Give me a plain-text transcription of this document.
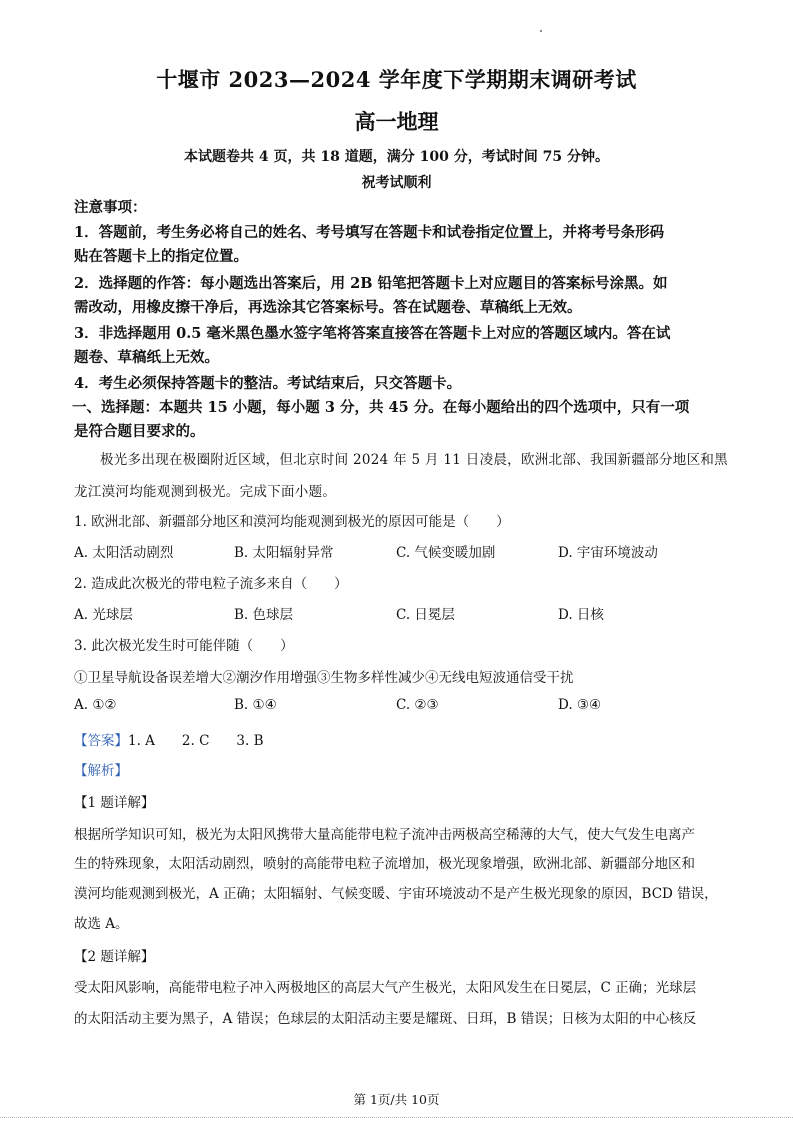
十堰市 2023—2024 学年度下学期期末调研考试
高一地理
本试题卷共 4 页，共 18 道题，满分 100 分，考试时间 75 分钟。
祝考试顺利
注意事项：
1．答题前，考生务必将自己的姓名、考号填写在答题卡和试卷指定位置上，并将考号条形码
贴在答题卡上的指定位置。
2．选择题的作答：每小题选出答案后，用 2B 铅笔把答题卡上对应题目的答案标号涂黑。如
需改动，用橡皮擦干净后，再选涂其它答案标号。答在试题卷、草稿纸上无效。
3．非选择题用 0.5 毫米黑色墨水签字笔将答案直接答在答题卡上对应的答题区域内。答在试
题卷、草稿纸上无效。
4．考生必须保持答题卡的整洁。考试结束后，只交答题卡。
一、选择题：本题共 15 小题，每小题 3 分，共 45 分。在每小题给出的四个选项中，只有一项
是符合题目要求的。
极光多出现在极圈附近区域，但北京时间 2024 年 5 月 11 日凌晨，欧洲北部、我国新疆部分地区和黑
龙江漠河均能观测到极光。完成下面小题。
1. 欧洲北部、新疆部分地区和漠河均能观测到极光的原因可能是（　　）
A. 太阳活动剧烈	B. 太阳辐射异常	C. 气候变暖加剧	D. 宇宙环境波动
2. 造成此次极光的带电粒子流多来自（　　）
A. 光球层	B. 色球层	C. 日冕层	D. 日核
3. 此次极光发生时可能伴随（　　）
①卫星导航设备误差增大②潮汐作用增强③生物多样性减少④无线电短波通信受干扰
A. ①②	B. ①④	C. ②③	D. ③④
【答案】1. A　　2. C　　3. B
【解析】
【1 题详解】
根据所学知识可知，极光为太阳风携带大量高能带电粒子流冲击两极高空稀薄的大气，使大气发生电离产
生的特殊现象，太阳活动剧烈，喷射的高能带电粒子流增加，极光现象增强，欧洲北部、新疆部分地区和
漠河均能观测到极光，A 正确；太阳辐射、气候变暖、宇宙环境波动不是产生极光现象的原因，BCD 错误，
故选 A。
【2 题详解】
受太阳风影响，高能带电粒子冲入两极地区的高层大气产生极光，太阳风发生在日冕层，C 正确；光球层
的太阳活动主要为黑子，A 错误；色球层的太阳活动主要是耀斑、日珥，B 错误；日核为太阳的中心核反
第 1页/共 10页
